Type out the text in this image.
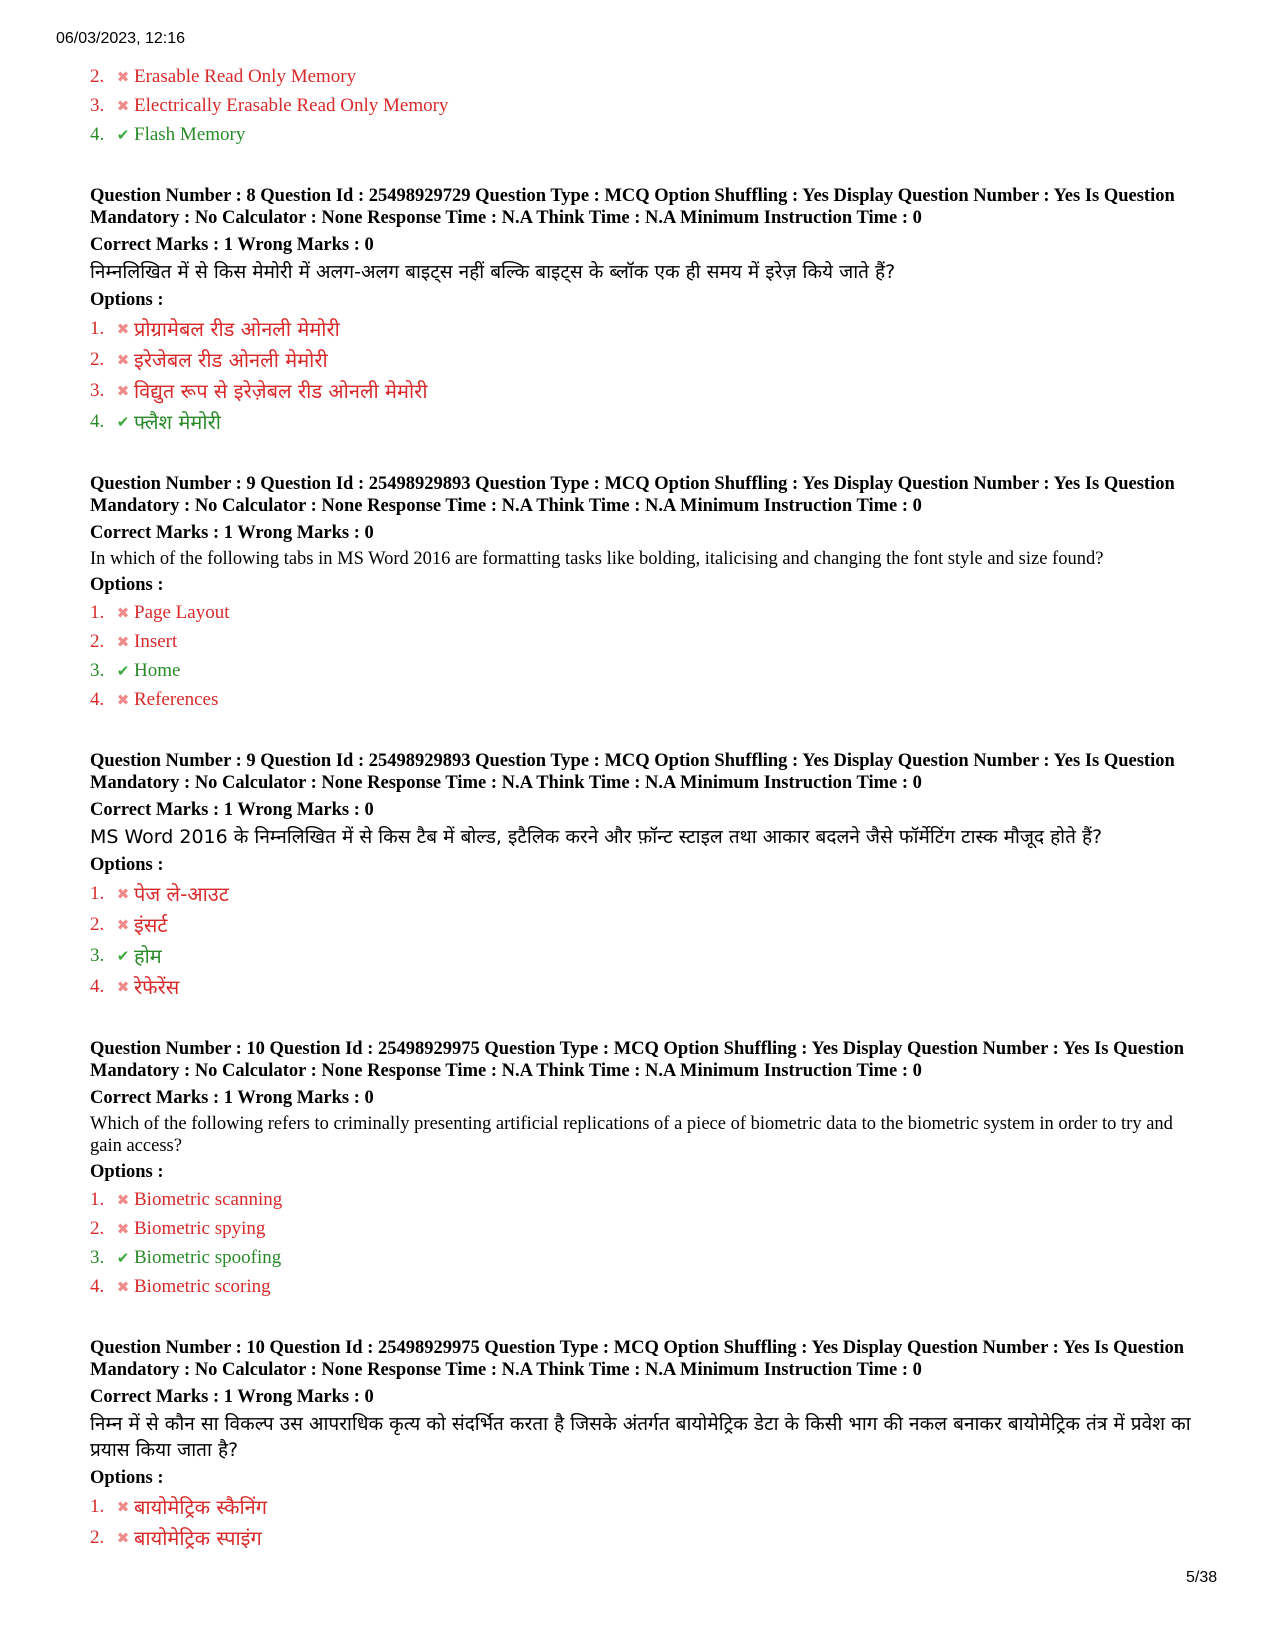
06/03/2023, 12:16
2. ✖ Erasable Read Only Memory
3. ✖ Electrically Erasable Read Only Memory
4. ✔ Flash Memory
Question Number : 8 Question Id : 25498929729 Question Type : MCQ Option Shuffling : Yes Display Question Number : Yes Is Question Mandatory : No Calculator : None Response Time : N.A Think Time : N.A Minimum Instruction Time : 0
Correct Marks : 1 Wrong Marks : 0
निम्नलिखित में से किस मेमोरी में अलग-अलग बाइट्स नहीं बल्कि बाइट्स के ब्लॉक एक ही समय में इरेज़ किये जाते हैं?
Options :
1. ✖ प्रोग्रामेबल रीड ओनली मेमोरी
2. ✖ इरेजेबल रीड ओनली मेमोरी
3. ✖ विद्युत रूप से इरेज़ेबल रीड ओनली मेमोरी
4. ✔ फ्लैश मेमोरी
Question Number : 9 Question Id : 25498929893 Question Type : MCQ Option Shuffling : Yes Display Question Number : Yes Is Question Mandatory : No Calculator : None Response Time : N.A Think Time : N.A Minimum Instruction Time : 0
Correct Marks : 1 Wrong Marks : 0
In which of the following tabs in MS Word 2016 are formatting tasks like bolding, italicising and changing the font style and size found?
Options :
1. ✖ Page Layout
2. ✖ Insert
3. ✔ Home
4. ✖ References
Question Number : 9 Question Id : 25498929893 Question Type : MCQ Option Shuffling : Yes Display Question Number : Yes Is Question Mandatory : No Calculator : None Response Time : N.A Think Time : N.A Minimum Instruction Time : 0
Correct Marks : 1 Wrong Marks : 0
MS Word 2016 के निम्नलिखित में से किस टैब में बोल्ड, इटैलिक करने और फ़ॉन्ट स्टाइल तथा आकार बदलने जैसे फॉर्मेटिंग टास्क मौजूद होते हैं?
Options :
1. ✖ पेज ले-आउट
2. ✖ इंसर्ट
3. ✔ होम
4. ✖ रेफेरेंस
Question Number : 10 Question Id : 25498929975 Question Type : MCQ Option Shuffling : Yes Display Question Number : Yes Is Question Mandatory : No Calculator : None Response Time : N.A Think Time : N.A Minimum Instruction Time : 0
Correct Marks : 1 Wrong Marks : 0
Which of the following refers to criminally presenting artificial replications of a piece of biometric data to the biometric system in order to try and gain access?
Options :
1. ✖ Biometric scanning
2. ✖ Biometric spying
3. ✔ Biometric spoofing
4. ✖ Biometric scoring
Question Number : 10 Question Id : 25498929975 Question Type : MCQ Option Shuffling : Yes Display Question Number : Yes Is Question Mandatory : No Calculator : None Response Time : N.A Think Time : N.A Minimum Instruction Time : 0
Correct Marks : 1 Wrong Marks : 0
निम्न में से कौन सा विकल्प उस आपराधिक कृत्य को संदर्भित करता है जिसके अंतर्गत बायोमेट्रिक डेटा के किसी भाग की नकल बनाकर बायोमेट्रिक तंत्र में प्रवेश का प्रयास किया जाता है?
Options :
1. ✖ बायोमेट्रिक स्कैनिंग
2. ✖ बायोमेट्रिक स्पाइंग
5/38
